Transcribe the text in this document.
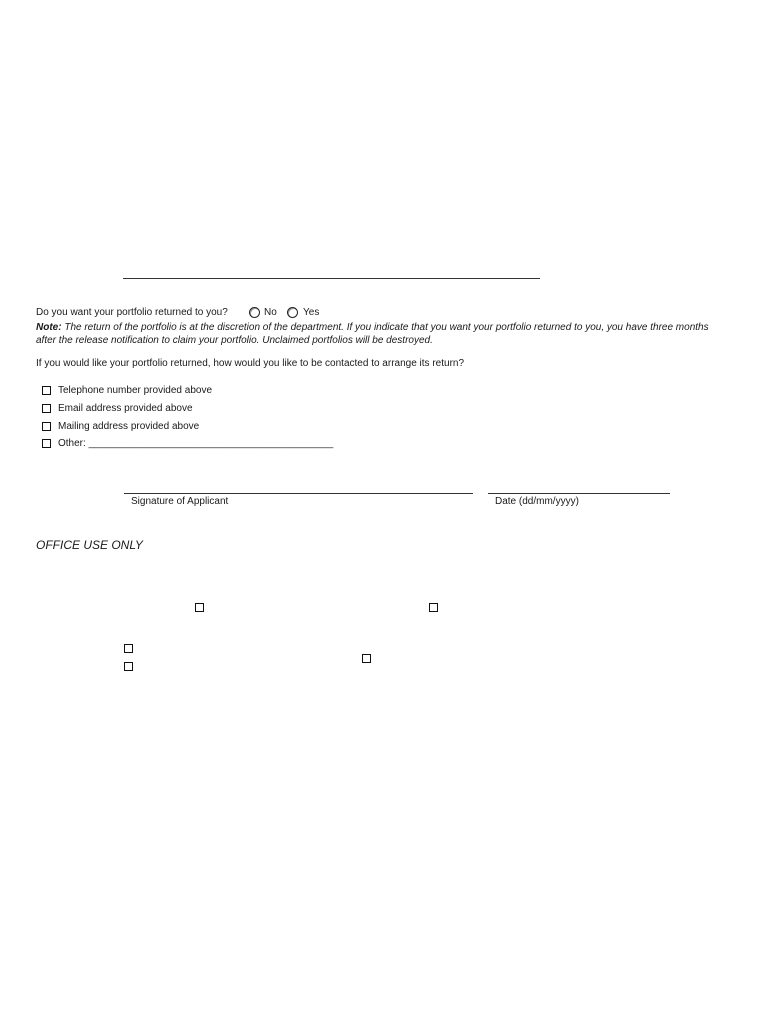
Do you want your portfolio returned to you?	No	Yes
Note: The return of the portfolio is at the discretion of the department. If you indicate that you want your portfolio returned to you, you have three months after the release notification to claim your portfolio. Unclaimed portfolios will be destroyed.
If you would like your portfolio returned, how would you like to be contacted to arrange its return?
Telephone number provided above
Email address provided above
Mailing address provided above
Other: ____________________________________________
Signature of Applicant	Date (dd/mm/yyyy)
OFFICE USE ONLY
